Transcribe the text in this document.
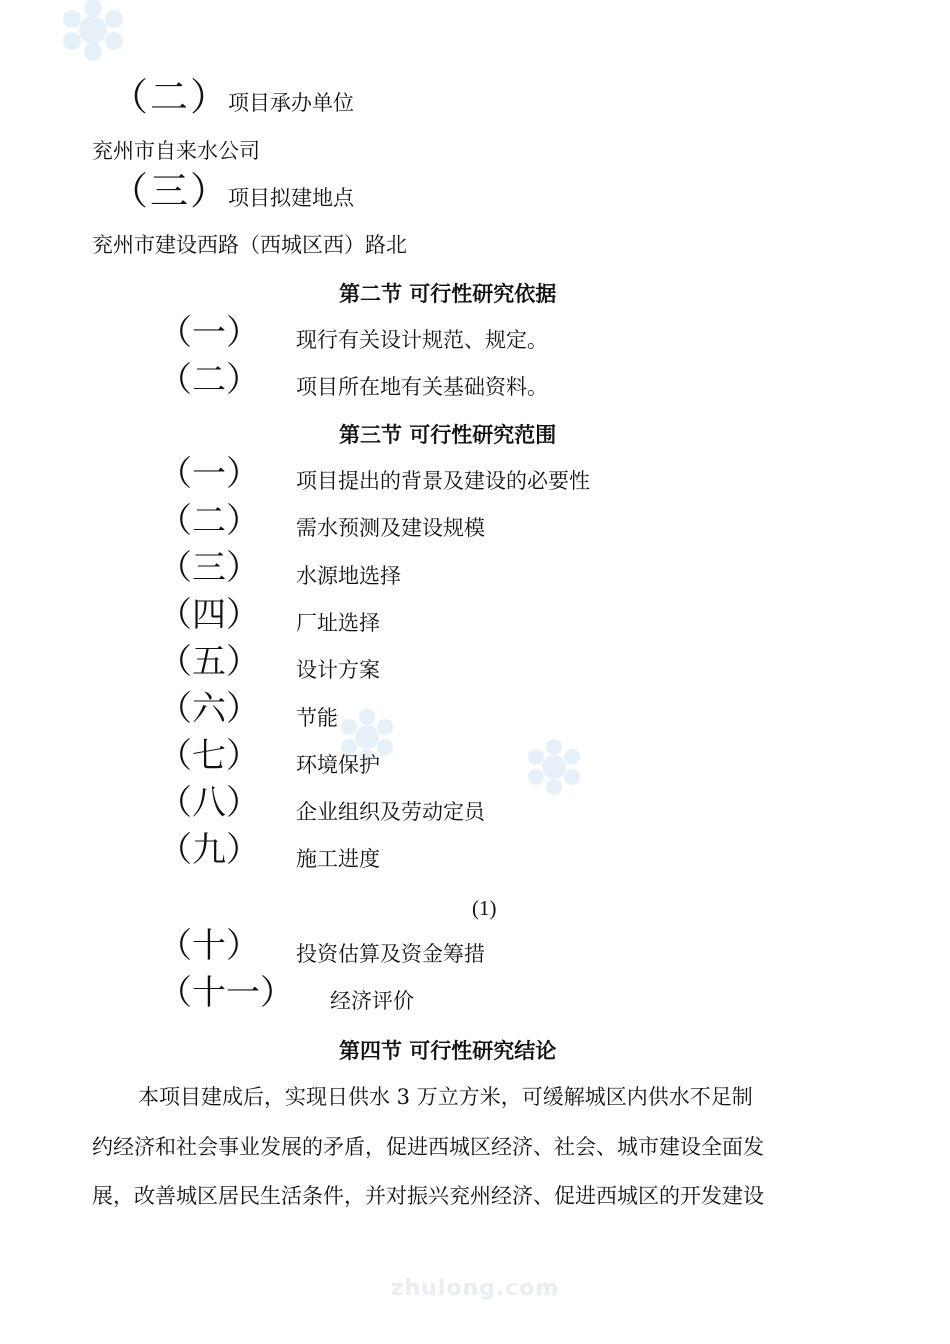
（二）
项目承办单位
兖州市自来水公司
（三）
项目拟建地点
兖州市建设西路（西城区西）路北
第二节 可行性研究依据
（一） 现行有关设计规范、规定。
（二） 项目所在地有关基础资料。
第三节 可行性研究范围
（一） 项目提出的背景及建设的必要性
（二） 需水预测及建设规模
（三） 水源地选择
（四） 厂址选择
（五） 设计方案
（六） 节能
（七） 环境保护
（八） 企业组织及劳动定员
（九） 施工进度
(1)
（十） 投资估算及资金筹措
（十一） 经济评价
第四节 可行性研究结论
本项目建成后，实现日供水 3 万立方米，可缓解城区内供水不足制
约经济和社会事业发展的矛盾，促进西城区经济、社会、城市建设全面发
展，改善城区居民生活条件，并对振兴兖州经济、促进西城区的开发建设
zhulong.com
